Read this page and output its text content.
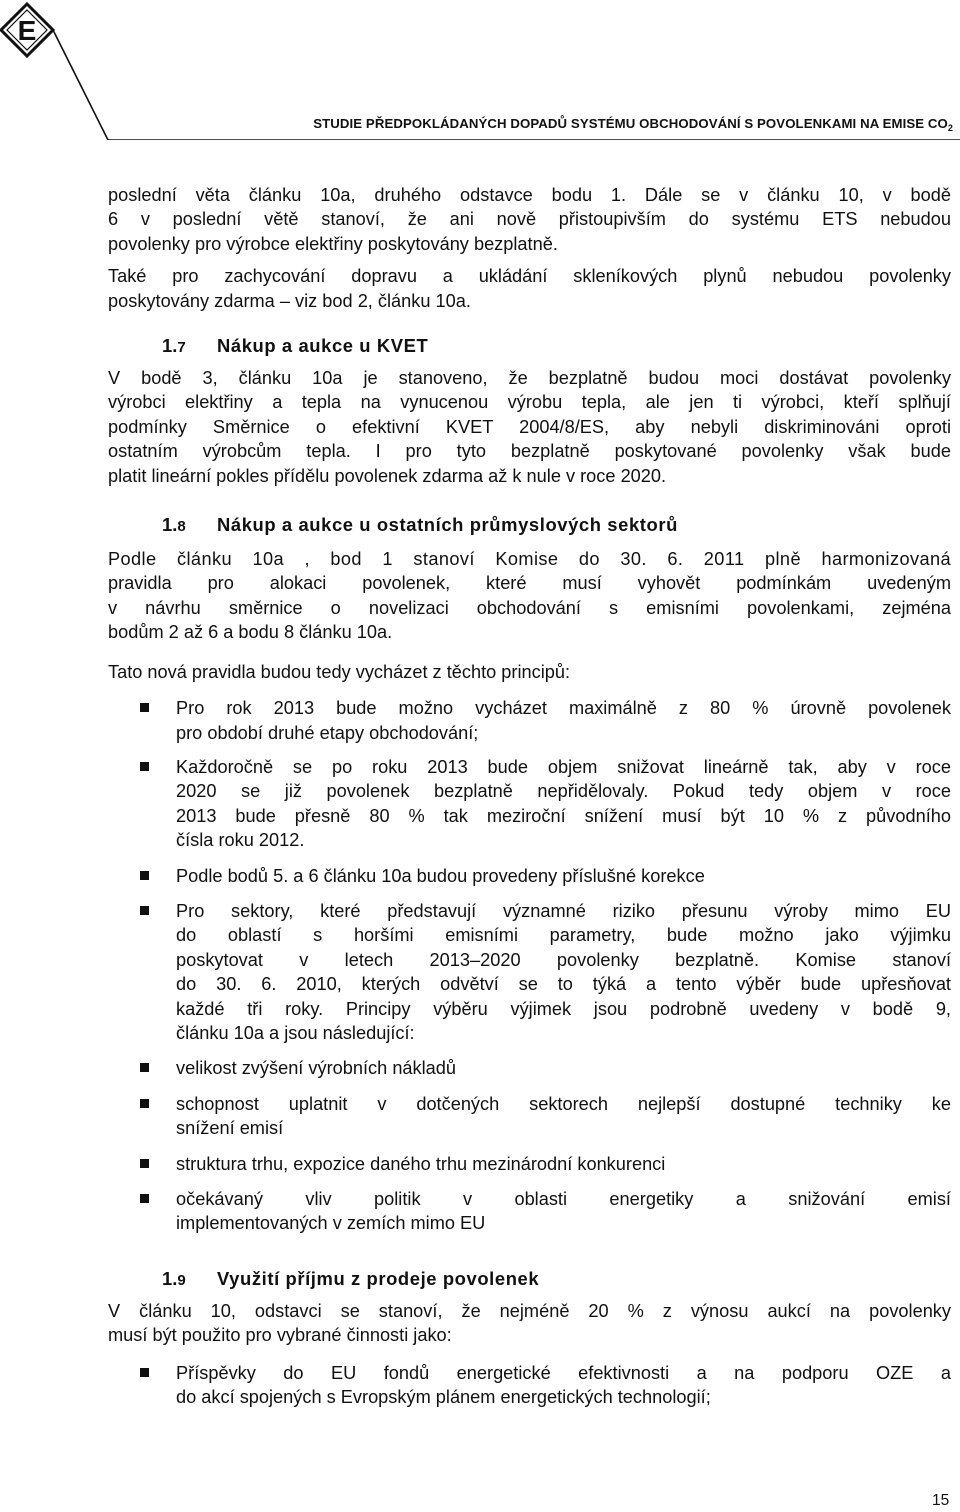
E
STUDIE PŘEDPOKLÁDANÝCH DOPADŮ SYSTÉMU OBCHODOVÁNÍ S POVOLENKAMI NA EMISE $CO_2$

poslední věta článku 10a, druhého odstavce bodu 1. Dále se v článku 10, v bodě

6 v poslední větě stanoví, že ani nově přistoupivším do systému ETS nebudou

povolenky pro výrobce elektřiny poskytovány bezplatně.

Také pro zachycování dopravu a ukládání skleníkových plynů nebudou povolenky

poskytovány zdarma – viz bod 2, článku 10a.

1.7 Nákup a aukce u KVET

V bodě 3, článku 10a je stanoveno, že bezplatně budou moci dostávat povolenky

výrobci elektřiny a tepla na vynucenou výrobu tepla, ale jen ti výrobci, kteří splňují

podmínky Směrnice o efektivní KVET 2004/8/ES, aby nebyli diskriminováni oproti

ostatním výrobcům tepla. I pro tyto bezplatně poskytované povolenky však bude

platit lineární pokles přídělu povolenek zdarma až k nule v roce 2020.

1.8 Nákup a aukce u ostatních průmyslových sektorů

Podle článku 10a , bod 1 stanoví Komise do 30. 6. 2011 plně harmonizovaná

pravidla pro alokaci povolenek, které musí vyhovět podmínkám uvedeným

v návrhu směrnice o novelizaci obchodování s emisními povolenkami, zejména

bodům 2 až 6 a bodu 8 článku 10a.

Tato nová pravidla budou tedy vycházet z těchto principů:

Pro rok 2013 bude možno vycházet maximálně z 80 % úrovně povolenek

pro období druhé etapy obchodování;

Každoročně se po roku 2013 bude objem snižovat lineárně tak, aby v roce

2020 se již povolenek bezplatně nepřidělovaly. Pokud tedy objem v roce

2013 bude přesně 80 % tak meziroční snížení musí být 10 % z původního

čísla roku 2012.

Podle bodů 5. a 6 článku 10a budou provedeny příslušné korekce

Pro sektory, které představují významné riziko přesunu výroby mimo EU

do oblastí s horšími emisními parametry, bude možno jako výjimku

poskytovat v letech 2013–2020 povolenky bezplatně. Komise stanoví

do 30. 6. 2010, kterých odvětví se to týká a tento výběr bude upřesňovat

každé tři roky. Principy výběru výjimek jsou podrobně uvedeny v bodě 9,

článku 10a a jsou následující:

velikost zvýšení výrobních nákladů

schopnost uplatnit v dotčených sektorech nejlepší dostupné techniky ke

snížení emisí

struktura trhu, expozice daného trhu mezinárodní konkurenci

očekávaný vliv politik v oblasti energetiky a snižování emisí

implementovaných v zemích mimo EU

1.9 Využití příjmu z prodeje povolenek

V článku 10, odstavci se stanoví, že nejméně 20 % z výnosu aukcí na povolenky

musí být použito pro vybrané činnosti jako:

Příspěvky do EU fondů energetické efektivnosti a na podporu OZE a

do akcí spojených s Evropským plánem energetických technologií;

15
